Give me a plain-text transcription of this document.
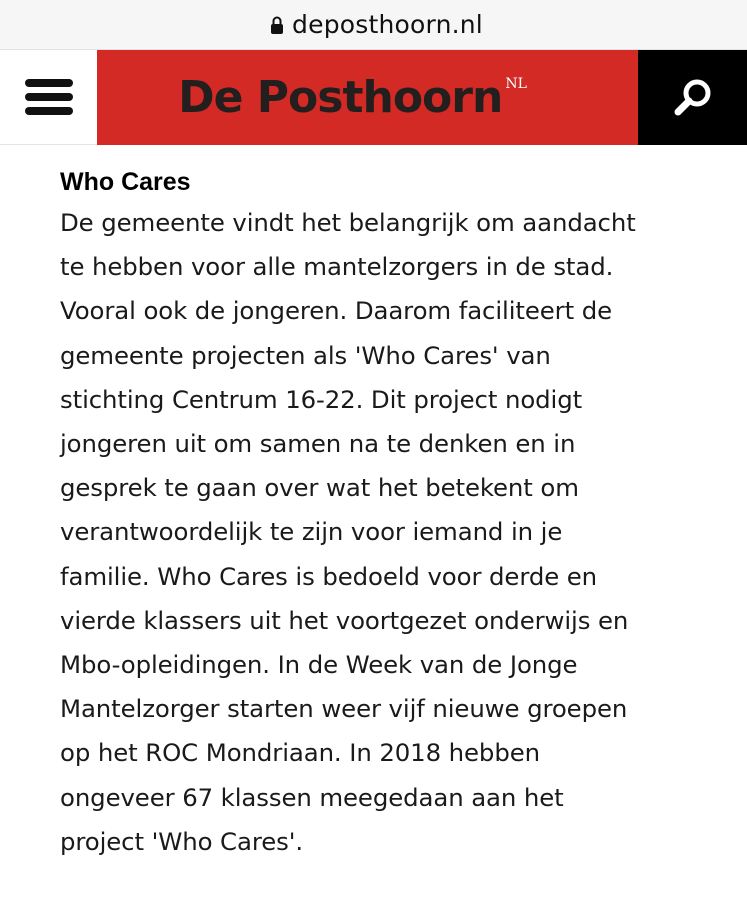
deposthoorn.nl
De Posthoorn NL
Who Cares

De gemeente vindt het belangrijk om aandacht
te hebben voor alle mantelzorgers in de stad.
Vooral ook de jongeren. Daarom faciliteert de
gemeente projecten als 'Who Cares' van
stichting Centrum 16-22. Dit project nodigt
jongeren uit om samen na te denken en in
gesprek te gaan over wat het betekent om
verantwoordelijk te zijn voor iemand in je
familie. Who Cares is bedoeld voor derde en
vierde klassers uit het voortgezet onderwijs en
Mbo-opleidingen. In de Week van de Jonge
Mantelzorger starten weer vijf nieuwe groepen
op het ROC Mondriaan. In 2018 hebben
ongeveer 67 klassen meegedaan aan het
project 'Who Cares'.
